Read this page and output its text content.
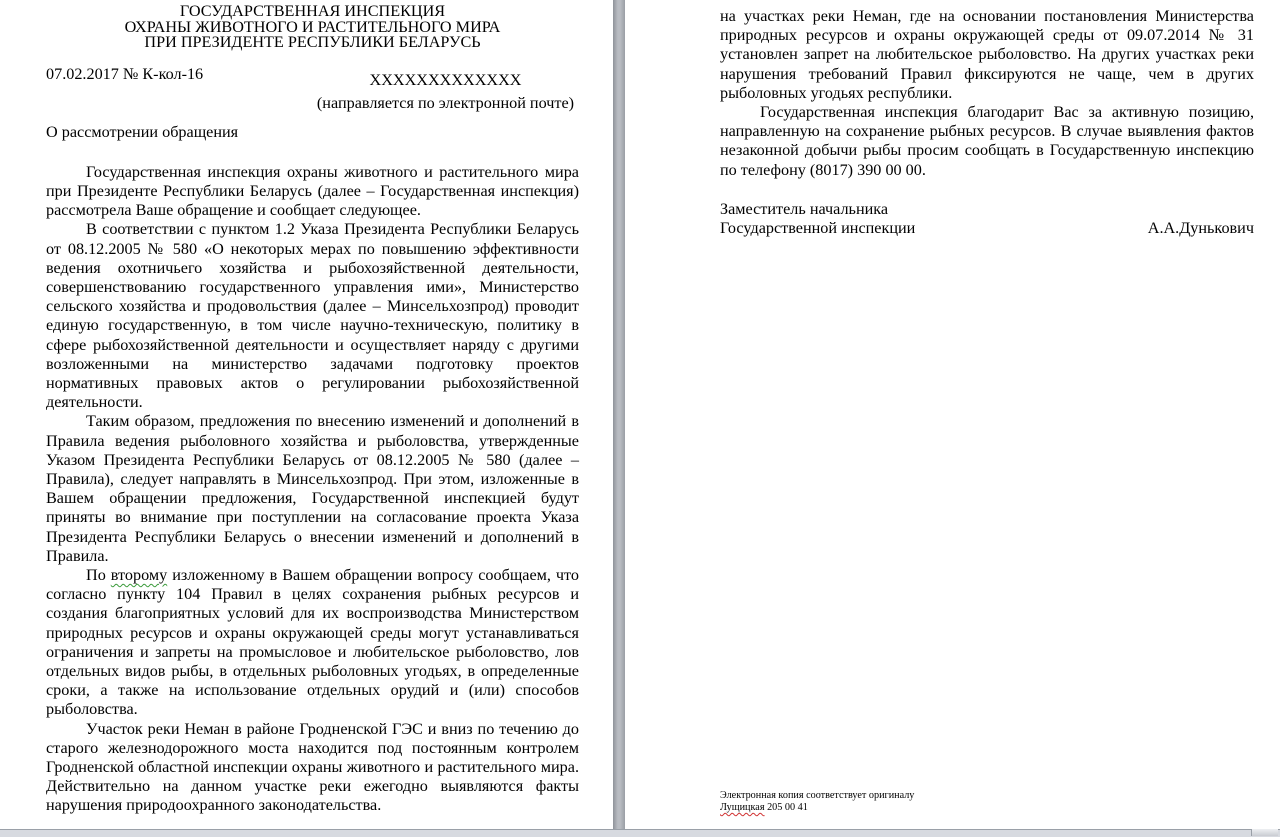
ГОСУДАРСТВЕННАЯ ИНСПЕКЦИЯ
ОХРАНЫ ЖИВОТНОГО И РАСТИТЕЛЬНОГО МИРА
ПРИ ПРЕЗИДЕНТЕ РЕСПУБЛИКИ БЕЛАРУСЬ
07.02.2017 № К-кол-16	XXXXXXXXXXXXX
(направляется по электронной почте)

О рассмотрении обращения

Государственная инспекция охраны животного и растительного мира при Президенте Республики Беларусь (далее – Государственная инспекция) рассмотрела Ваше обращение и сообщает следующее.

В соответствии с пунктом 1.2 Указа Президента Республики Беларусь от 08.12.2005 № 580 «О некоторых мерах по повышению эффективности ведения охотничьего хозяйства и рыбохозяйственной деятельности, совершенствованию государственного управления ими», Министерство сельского хозяйства и продовольствия (далее – Минсельхозпрод) проводит единую государственную, в том числе научно-техническую, политику в сфере рыбохозяйственной деятельности и осуществляет наряду с другими возложенными на министерство задачами подготовку проектов нормативных правовых актов о регулировании рыбохозяйственной деятельности.

Таким образом, предложения по внесению изменений и дополнений в Правила ведения рыболовного хозяйства и рыболовства, утвержденные Указом Президента Республики Беларусь от 08.12.2005 № 580 (далее – Правила), следует направлять в Минсельхозпрод. При этом, изложенные в Вашем обращении предложения, Государственной инспекцией будут приняты во внимание при поступлении на согласование проекта Указа Президента Республики Беларусь о внесении изменений и дополнений в Правила.

По второму изложенному в Вашем обращении вопросу сообщаем, что согласно пункту 104 Правил в целях сохранения рыбных ресурсов и создания благоприятных условий для их воспроизводства Министерством природных ресурсов и охраны окружающей среды могут устанавливаться ограничения и запреты на промысловое и любительское рыболовство, лов отдельных видов рыбы, в отдельных рыболовных угодьях, в определенные сроки, а также на использование отдельных орудий и (или) способов рыболовства.

Участок реки Неман в районе Гродненской ГЭС и вниз по течению до старого железнодорожного моста находится под постоянным контролем Гродненской областной инспекции охраны животного и растительного мира. Действительно на данном участке реки ежегодно выявляются факты нарушения природоохранного законодательства.

на участках реки Неман, где на основании постановления Министерства природных ресурсов и охраны окружающей среды от 09.07.2014 № 31 установлен запрет на любительское рыболовство. На других участках реки нарушения требований Правил фиксируются не чаще, чем в других рыболовных угодьях республики.

Государственная инспекция благодарит Вас за активную позицию, направленную на сохранение рыбных ресурсов. В случае выявления фактов незаконной добычи рыбы просим сообщать в Государственную инспекцию по телефону (8017) 390 00 00.

Заместитель начальника
Государственной инспекции	А.А.Дунькович
Электронная копия соответствует оригиналу
Лущицкая 205 00 41
